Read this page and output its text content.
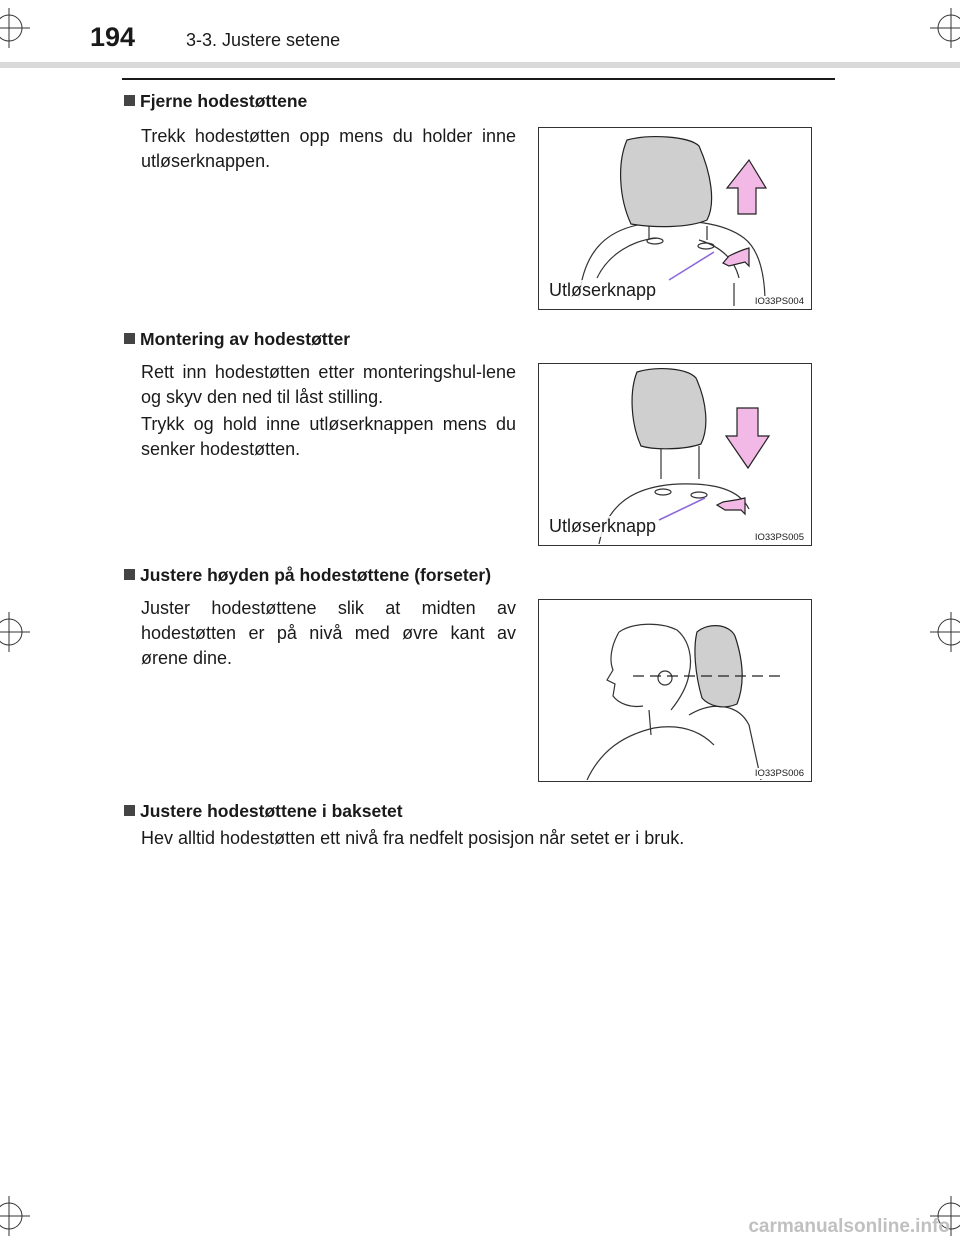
194	3-3. Justere setene
Fjerne hodestøttene
Trekk hodestøtten opp mens du holder inne utløserknappen.
Utløserknapp
IO33PS004
Montering av hodestøtter
Rett inn hodestøtten etter monteringshul-lene og skyv den ned til låst stilling.
Trykk og hold inne utløserknappen mens du senker hodestøtten.
Utløserknapp
IO33PS005
Justere høyden på hodestøttene (forseter)
Juster hodestøttene slik at midten av hodestøtten er på nivå med øvre kant av ørene dine.
IO33PS006
Justere hodestøttene i baksetet
Hev alltid hodestøtten ett nivå fra nedfelt posisjon når setet er i bruk.
carmanualsonline.info
